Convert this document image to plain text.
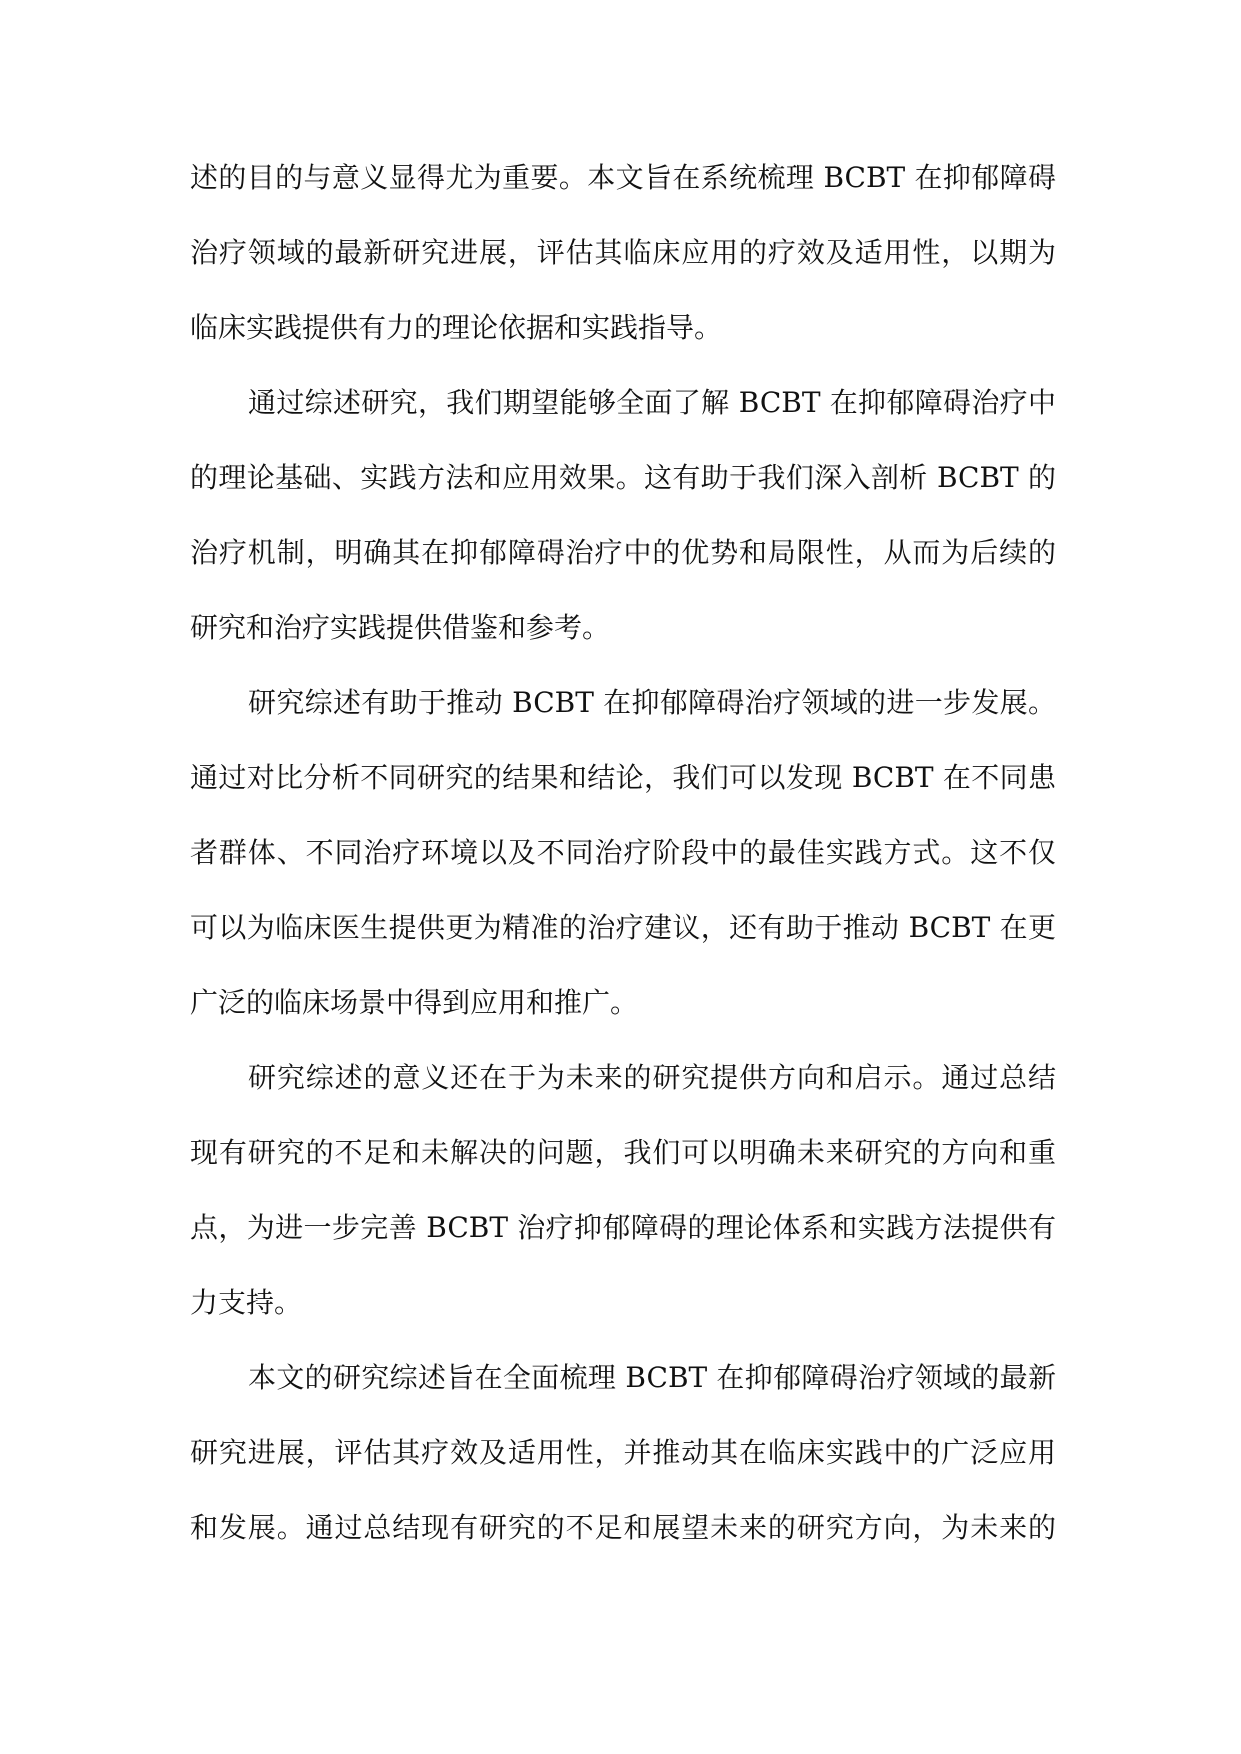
述的目的与意义显得尤为重要。本文旨在系统梳理 BCBT 在抑郁障碍
治疗领域的最新研究进展，评估其临床应用的疗效及适用性，以期为
临床实践提供有力的理论依据和实践指导。
通过综述研究，我们期望能够全面了解 BCBT 在抑郁障碍治疗中
的理论基础、实践方法和应用效果。这有助于我们深入剖析 BCBT 的
治疗机制，明确其在抑郁障碍治疗中的优势和局限性，从而为后续的
研究和治疗实践提供借鉴和参考。
研究综述有助于推动 BCBT 在抑郁障碍治疗领域的进一步发展。
通过对比分析不同研究的结果和结论，我们可以发现 BCBT 在不同患
者群体、不同治疗环境以及不同治疗阶段中的最佳实践方式。这不仅
可以为临床医生提供更为精准的治疗建议，还有助于推动 BCBT 在更
广泛的临床场景中得到应用和推广。
研究综述的意义还在于为未来的研究提供方向和启示。通过总结
现有研究的不足和未解决的问题，我们可以明确未来研究的方向和重
点，为进一步完善 BCBT 治疗抑郁障碍的理论体系和实践方法提供有
力支持。
本文的研究综述旨在全面梳理 BCBT 在抑郁障碍治疗领域的最新
研究进展，评估其疗效及适用性，并推动其在临床实践中的广泛应用
和发展。通过总结现有研究的不足和展望未来的研究方向，为未来的
